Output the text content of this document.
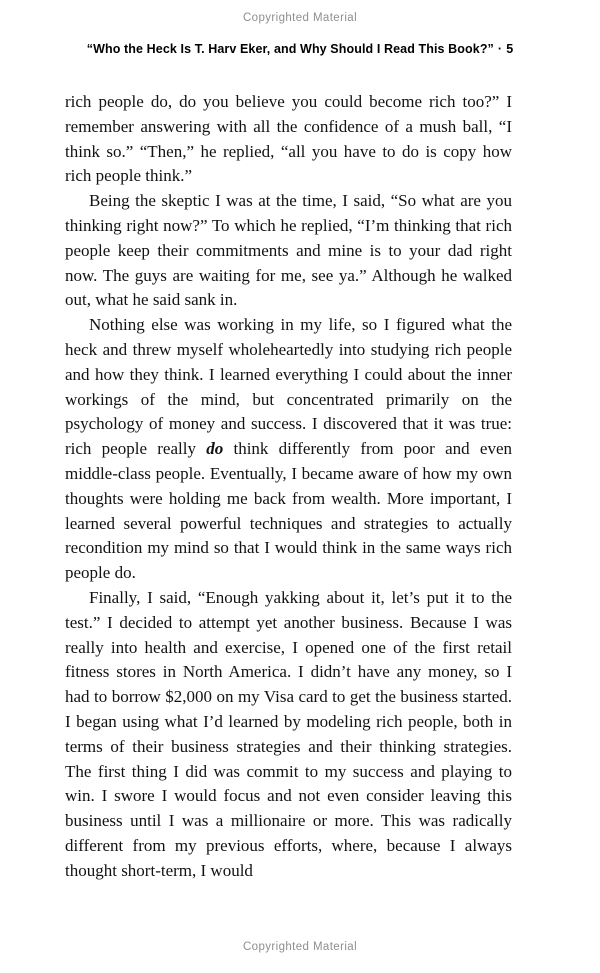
Copyrighted Material
“Who the Heck Is T. Harv Eker, and Why Should I Read This Book?” · 5

rich people do, do you believe you could become rich too?” I remember answering with all the confidence of a mush ball, “I think so.” “Then,” he replied, “all you have to do is copy how rich people think.”

Being the skeptic I was at the time, I said, “So what are you thinking right now?” To which he replied, “I’m thinking that rich people keep their commitments and mine is to your dad right now. The guys are waiting for me, see ya.” Although he walked out, what he said sank in.

Nothing else was working in my life, so I figured what the heck and threw myself wholeheartedly into studying rich people and how they think. I learned everything I could about the inner workings of the mind, but concentrated primarily on the psychology of money and success. I discovered that it was true: rich people really do think differently from poor and even middle-class people. Eventually, I became aware of how my own thoughts were holding me back from wealth. More important, I learned several powerful techniques and strategies to actually recondition my mind so that I would think in the same ways rich people do.

Finally, I said, “Enough yakking about it, let’s put it to the test.” I decided to attempt yet another business. Because I was really into health and exercise, I opened one of the first retail fitness stores in North America. I didn’t have any money, so I had to borrow $2,000 on my Visa card to get the business started. I began using what I’d learned by modeling rich people, both in terms of their business strategies and their thinking strategies. The first thing I did was commit to my success and playing to win. I swore I would focus and not even consider leaving this business until I was a millionaire or more. This was radically different from my previous efforts, where, because I always thought short-term, I would

Copyrighted Material
